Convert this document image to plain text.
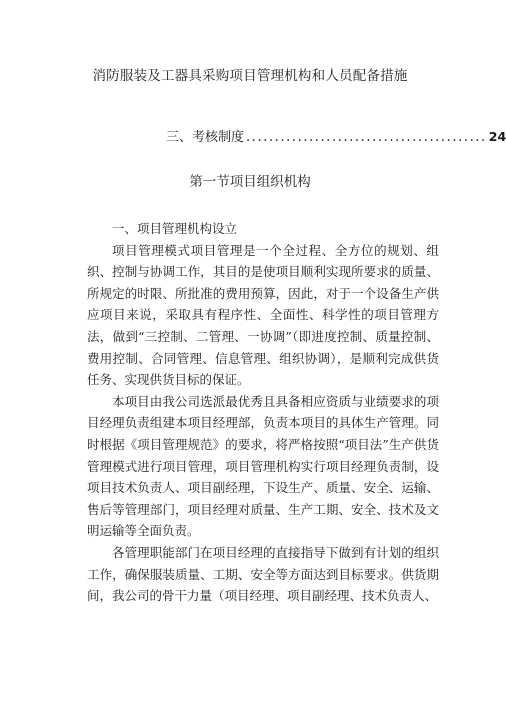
消防服装及工器具采购项目管理机构和人员配备措施
三、考核制度 .......................................... 24
第一节项目组织机构

一、项目管理机构设立

项目管理模式项目管理是一个全过程、全方位的规划、组织、控制与协调工作，其目的是使项目顺利实现所要求的质量、所规定的时限、所批准的费用预算，因此，对于一个设备生产供应项目来说，采取具有程序性、全面性、科学性的项目管理方法，做到“三控制、二管理、一协调”（即进度控制、质量控制、费用控制、合同管理、信息管理、组织协调），是顺利完成供货任务、实现供货目标的保证。

本项目由我公司选派最优秀且具备相应资质与业绩要求的项目经理负责组建本项目经理部，负责本项目的具体生产管理。同时根据《项目管理规范》的要求，将严格按照“项目法”生产供货管理模式进行项目管理，项目管理机构实行项目经理负责制，设项目技术负责人、项目副经理，下设生产、质量、安全、运输、售后等管理部门，项目经理对质量、生产工期、安全、技术及文明运输等全面负责。

各管理职能部门在项目经理的直接指导下做到有计划的组织工作，确保服装质量、工期、安全等方面达到目标要求。供货期间，我公司的骨干力量（项目经理、项目副经理、技术负责人、
